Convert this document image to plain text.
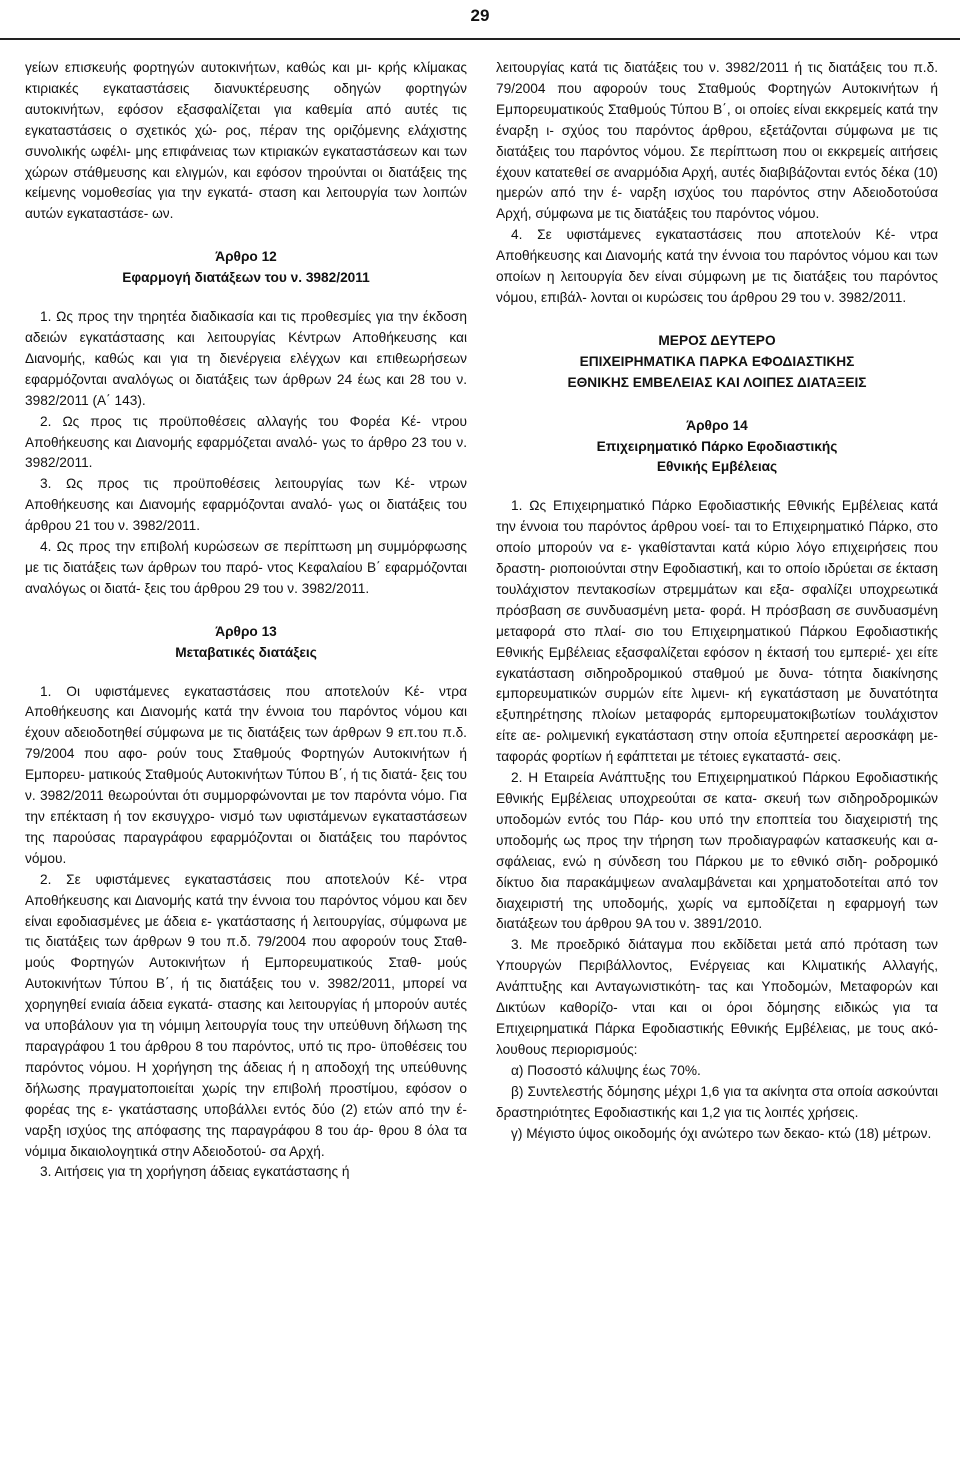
29

γείων επισκευής φορτηγών αυτοκινήτων, καθώς και μι- κρής κλίμακας κτιριακές εγκαταστάσεις διανυκτέρευσης οδηγών φορτηγών αυτοκινήτων, εφόσον εξασφαλίζεται για καθεμία από αυτές τις εγκαταστάσεις ο σχετικός χώ- ρος, πέραν της οριζόμενης ελάχιστης συνολικής ωφέλι- μης επιφάνειας των κτιριακών εγκαταστάσεων και των χώρων στάθμευσης και ελιγμών, και εφόσον τηρούνται οι διατάξεις της κείμενης νομοθεσίας για την εγκατά- σταση και λειτουργία των λοιπών αυτών εγκαταστάσε- ων.

Άρθρο 12

Εφαρμογή διατάξεων του ν. 3982/2011

1. Ως προς την τηρητέα διαδικασία και τις προθεσμίες για την έκδοση αδειών εγκατάστασης και λειτουργίας Κέντρων Αποθήκευσης και Διανομής, καθώς και για τη διενέργεια ελέγχων και επιθεωρήσεων εφαρμόζονται αναλόγως οι διατάξεις των άρθρων 24 έως και 28 του ν. 3982/2011 (Α΄ 143).

2. Ως προς τις προϋποθέσεις αλλαγής του Φορέα Κέ- ντρου Αποθήκευσης και Διανομής εφαρμόζεται αναλό- γως το άρθρο 23 του ν. 3982/2011.

3. Ως προς τις προϋποθέσεις λειτουργίας των Κέ- ντρων Αποθήκευσης και Διανομής εφαρμόζονται αναλό- γως οι διατάξεις του άρθρου 21 του ν. 3982/2011.

4. Ως προς την επιβολή κυρώσεων σε περίπτωση μη συμμόρφωσης με τις διατάξεις των άρθρων του παρό- ντος Κεφαλαίου Β΄ εφαρμόζονται αναλόγως οι διατά- ξεις του άρθρου 29 του ν. 3982/2011.

Άρθρο 13

Μεταβατικές διατάξεις

1. Οι υφιστάμενες εγκαταστάσεις που αποτελούν Κέ- ντρα Αποθήκευσης και Διανομής κατά την έννοια του παρόντος νόμου και έχουν αδειοδοτηθεί σύμφωνα με τις διατάξεις των άρθρων 9 επ.του π.δ. 79/2004 που αφο- ρούν τους Σταθμούς Φορτηγών Αυτοκινήτων ή Εμπορευ- ματικούς Σταθμούς Αυτοκινήτων Τύπου Β΄, ή τις διατά- ξεις του ν. 3982/2011 θεωρούνται ότι συμμορφώνονται με τον παρόντα νόμο. Για την επέκταση ή τον εκσυγχρο- νισμό των υφιστάμενων εγκαταστάσεων της παρούσας παραγράφου εφαρμόζονται οι διατάξεις του παρόντος νόμου.

2. Σε υφιστάμενες εγκαταστάσεις που αποτελούν Κέ- ντρα Αποθήκευσης και Διανομής κατά την έννοια του παρόντος νόμου και δεν είναι εφοδιασμένες με άδεια ε- γκατάστασης ή λειτουργίας, σύμφωνα με τις διατάξεις των άρθρων 9 του π.δ. 79/2004 που αφορούν τους Σταθ- μούς Φορτηγών Αυτοκινήτων ή Εμπορευματικούς Σταθ- μούς Αυτοκινήτων Τύπου Β΄, ή τις διατάξεις του ν. 3982/2011, μπορεί να χορηγηθεί ενιαία άδεια εγκατά- στασης και λειτουργίας ή μπορούν αυτές να υποβάλουν για τη νόμιμη λειτουργία τους την υπεύθυνη δήλωση της παραγράφου 1 του άρθρου 8 του παρόντος, υπό τις προ- ϋποθέσεις του παρόντος νόμου. Η χορήγηση της άδειας ή η αποδοχή της υπεύθυνης δήλωσης πραγματοποιείται χωρίς την επιβολή προστίμου, εφόσον ο φορέας της ε- γκατάστασης υποβάλλει εντός δύο (2) ετών από την έ- ναρξη ισχύος της απόφασης της παραγράφου 8 του άρ- θρου 8 όλα τα νόμιμα δικαιολογητικά στην Αδειοδοτού- σα Αρχή.

3. Αιτήσεις για τη χορήγηση άδειας εγκατάστασης ή

λειτουργίας κατά τις διατάξεις του ν. 3982/2011 ή τις διατάξεις του π.δ. 79/2004 που αφορούν τους Σταθμούς Φορτηγών Αυτοκινήτων ή Εμπορευματικούς Σταθμούς Τύπου Β΄, οι οποίες είναι εκκρεμείς κατά την έναρξη ι- σχύος του παρόντος άρθρου, εξετάζονται σύμφωνα με τις διατάξεις του παρόντος νόμου. Σε περίπτωση που οι εκκρεμείς αιτήσεις έχουν κατατεθεί σε αναρμόδια Αρχή, αυτές διαβιβάζονται εντός δέκα (10) ημερών από την έ- ναρξη ισχύος του παρόντος στην Αδειοδοτούσα Αρχή, σύμφωνα με τις διατάξεις του παρόντος νόμου.

4. Σε υφιστάμενες εγκαταστάσεις που αποτελούν Κέ- ντρα Αποθήκευσης και Διανομής κατά την έννοια του παρόντος νόμου και των οποίων η λειτουργία δεν είναι σύμφωνη με τις διατάξεις του παρόντος νόμου, επιβάλ- λονται οι κυρώσεις του άρθρου 29 του ν. 3982/2011.

ΜΕΡΟΣ ΔΕΥΤΕΡΟ

ΕΠΙΧΕΙΡΗΜΑΤΙΚΑ ΠΑΡΚΑ ΕΦΟΔΙΑΣΤΙΚΗΣ

ΕΘΝΙΚΗΣ ΕΜΒΕΛΕΙΑΣ ΚΑΙ ΛΟΙΠΕΣ ΔΙΑΤΑΞΕΙΣ

Άρθρο 14

Επιχειρηματικό Πάρκο Εφοδιαστικής

Εθνικής Εμβέλειας

1. Ως Επιχειρηματικό Πάρκο Εφοδιαστικής Εθνικής Εμβέλειας κατά την έννοια του παρόντος άρθρου νοεί- ται το Επιχειρηματικό Πάρκο, στο οποίο μπορούν να ε- γκαθίστανται κατά κύριο λόγο επιχειρήσεις που δραστη- ριοποιούνται στην Εφοδιαστική, και το οποίο ιδρύεται σε έκταση τουλάχιστον πεντακοσίων στρεμμάτων και εξα- σφαλίζει υποχρεωτικά πρόσβαση σε συνδυασμένη μετα- φορά. Η πρόσβαση σε συνδυασμένη μεταφορά στο πλαί- σιο του Επιχειρηματικού Πάρκου Εφοδιαστικής Εθνικής Εμβέλειας εξασφαλίζεται εφόσον η έκτασή του εμπεριέ- χει είτε εγκατάσταση σιδηροδρομικού σταθμού με δυνα- τότητα διακίνησης εμπορευματικών συρμών είτε λιμενι- κή εγκατάσταση με δυνατότητα εξυπηρέτησης πλοίων μεταφοράς εμπορευματοκιβωτίων τουλάχιστον είτε αε- ρολιμενική εγκατάσταση στην οποία εξυπηρετεί αεροσκάφη με- ταφοράς φορτίων ή εφάπτεται με τέτοιες εγκαταστά- σεις.

2. Η Εταιρεία Ανάπτυξης του Επιχειρηματικού Πάρκου Εφοδιαστικής Εθνικής Εμβέλειας υποχρεούται σε κατα- σκευή των σιδηροδρομικών υποδομών εντός του Πάρ- κου υπό την εποπτεία του διαχειριστή της υποδομής ως προς την τήρηση των προδιαγραφών κατασκευής και α- σφάλειας, ενώ η σύνδεση του Πάρκου με το εθνικό σιδη- ροδρομικό δίκτυο δια παρακάμψεων αναλαμβάνεται και χρηματοδοτείται από τον διαχειριστή της υποδομής, χωρίς να εμποδίζεται η εφαρμογή των διατάξεων του άρθρου 9Α του ν. 3891/2010.

3. Με προεδρικό διάταγμα που εκδίδεται μετά από πρόταση των Υπουργών Περιβάλλοντος, Ενέργειας και Κλιματικής Αλλαγής, Ανάπτυξης και Ανταγωνιστικότη- τας και Υποδομών, Μεταφορών και Δικτύων καθορίζο- νται και οι όροι δόμησης ειδικώς για τα Επιχειρηματικά Πάρκα Εφοδιαστικής Εθνικής Εμβέλειας, με τους ακό- λουθους περιορισμούς:

α) Ποσοστό κάλυψης έως 70%.

β) Συντελεστής δόμησης μέχρι 1,6 για τα ακίνητα στα οποία ασκούνται δραστηριότητες Εφοδιαστικής και 1,2 για τις λοιπές χρήσεις.

γ) Μέγιστο ύψος οικοδομής όχι ανώτερο των δεκαο- κτώ (18) μέτρων.
